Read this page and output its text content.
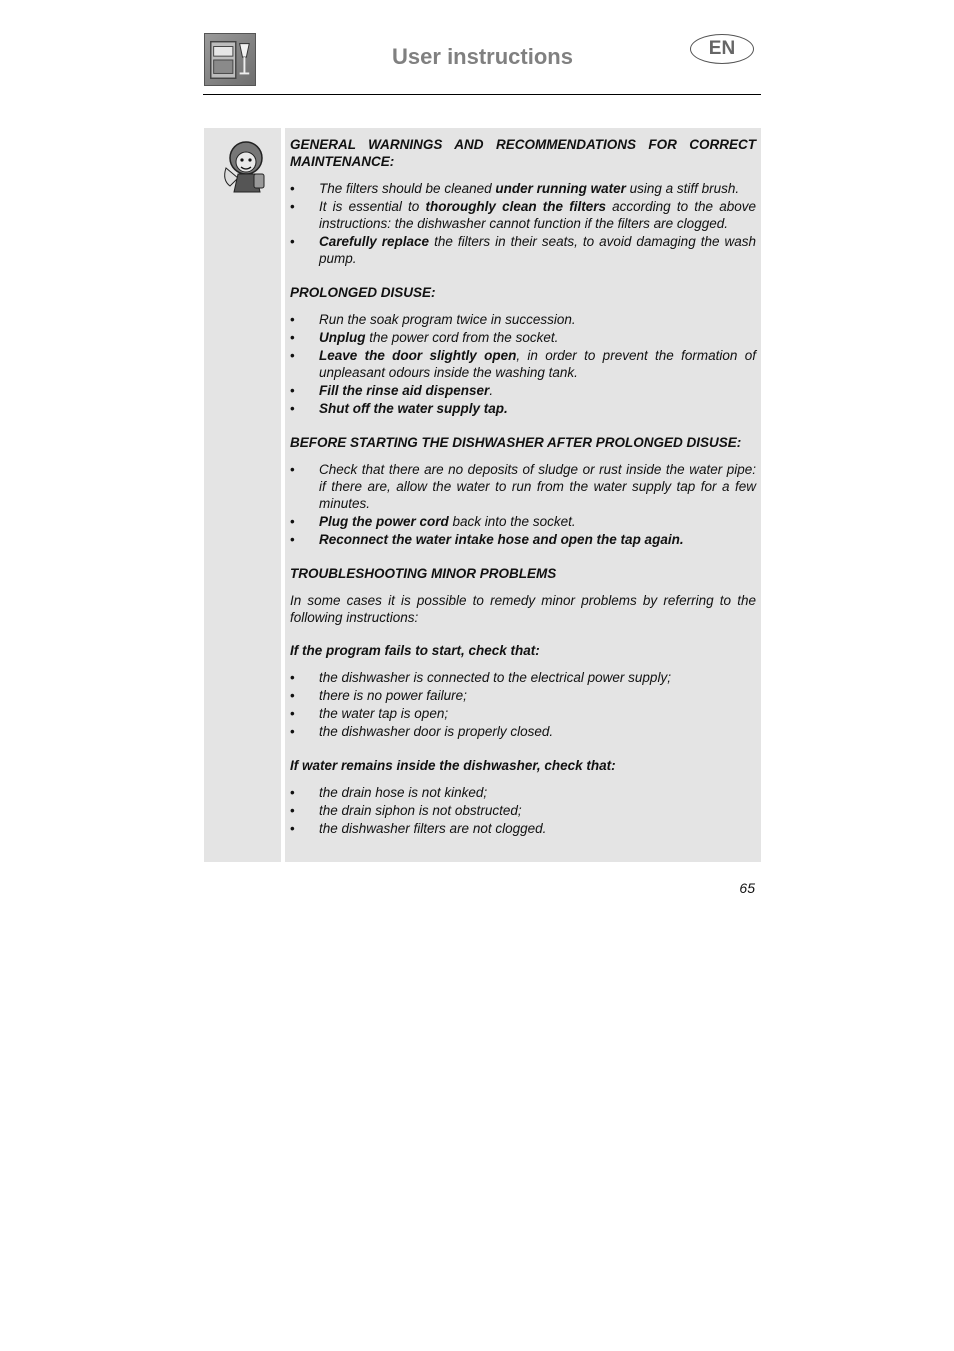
User instructions	EN
GENERAL WARNINGS AND RECOMMENDATIONS FOR CORRECT MAINTENANCE:
• The filters should be cleaned under running water using a stiff brush.
• It is essential to thoroughly clean the filters according to the above instructions: the dishwasher cannot function if the filters are clogged.
• Carefully replace the filters in their seats, to avoid damaging the wash pump.
PROLONGED DISUSE:
• Run the soak program twice in succession.
• Unplug the power cord from the socket.
• Leave the door slightly open, in order to prevent the formation of unpleasant odours inside the washing tank.
• Fill the rinse aid dispenser.
• Shut off the water supply tap.
BEFORE STARTING THE DISHWASHER AFTER PROLONGED DISUSE:
• Check that there are no deposits of sludge or rust inside the water pipe: if there are, allow the water to run from the water supply tap for a few minutes.
• Plug the power cord back into the socket.
• Reconnect the water intake hose and open the tap again.
TROUBLESHOOTING MINOR PROBLEMS

In some cases it is possible to remedy minor problems by referring to the following instructions:

If the program fails to start, check that:
• the dishwasher is connected to the electrical power supply;
• there is no power failure;
• the water tap is open;
• the dishwasher door is properly closed.
If water remains inside the dishwasher, check that:
• the drain hose is not kinked;
• the drain siphon is not obstructed;
• the dishwasher filters are not clogged.
65
